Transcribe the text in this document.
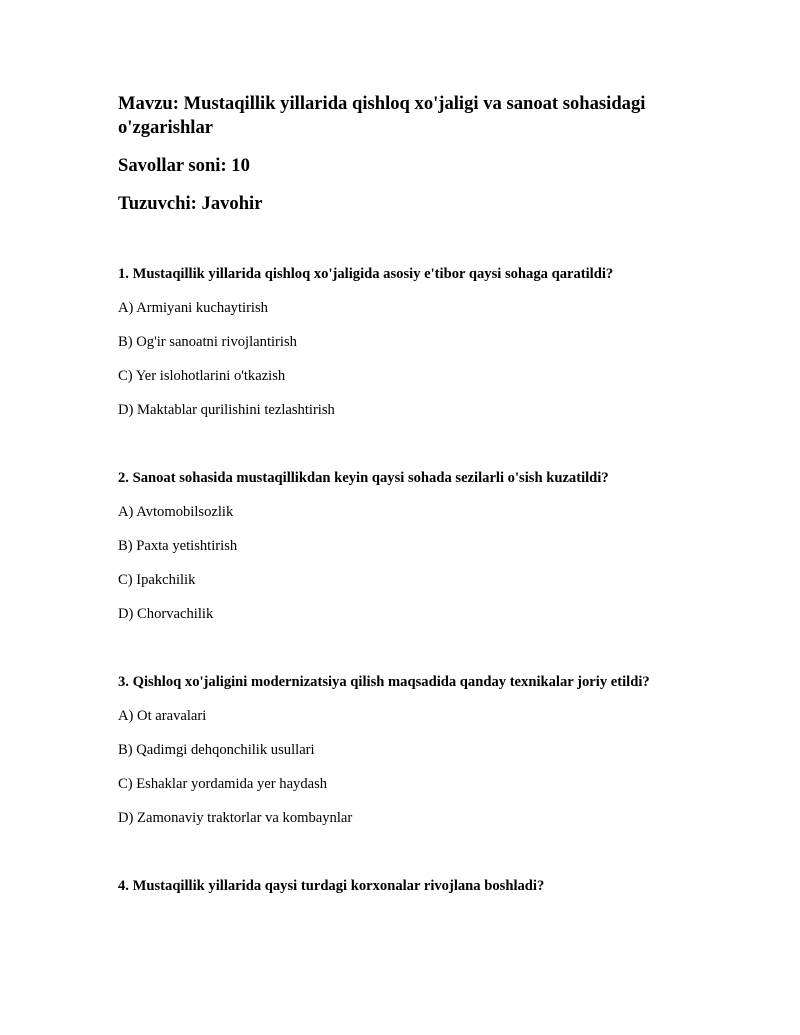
Mavzu: Mustaqillik yillarida qishloq xo'jaligi va sanoat sohasidagi o'zgarishlar

Savollar soni: 10

Tuzuvchi: Javohir

1. Mustaqillik yillarida qishloq xo'jaligida asosiy e'tibor qaysi sohaga qaratildi?

A) Armiyani kuchaytirish

B) Og'ir sanoatni rivojlantirish

C) Yer islohotlarini o'tkazish

D) Maktablar qurilishini tezlashtirish

2. Sanoat sohasida mustaqillikdan keyin qaysi sohada sezilarli o'sish kuzatildi?

A) Avtomobilsozlik

B) Paxta yetishtirish

C) Ipakchilik

D) Chorvachilik

3. Qishloq xo'jaligini modernizatsiya qilish maqsadida qanday texnikalar joriy etildi?

A) Ot aravalari

B) Qadimgi dehqonchilik usullari

C) Eshaklar yordamida yer haydash

D) Zamonaviy traktorlar va kombaynlar

4. Mustaqillik yillarida qaysi turdagi korxonalar rivojlana boshladi?
